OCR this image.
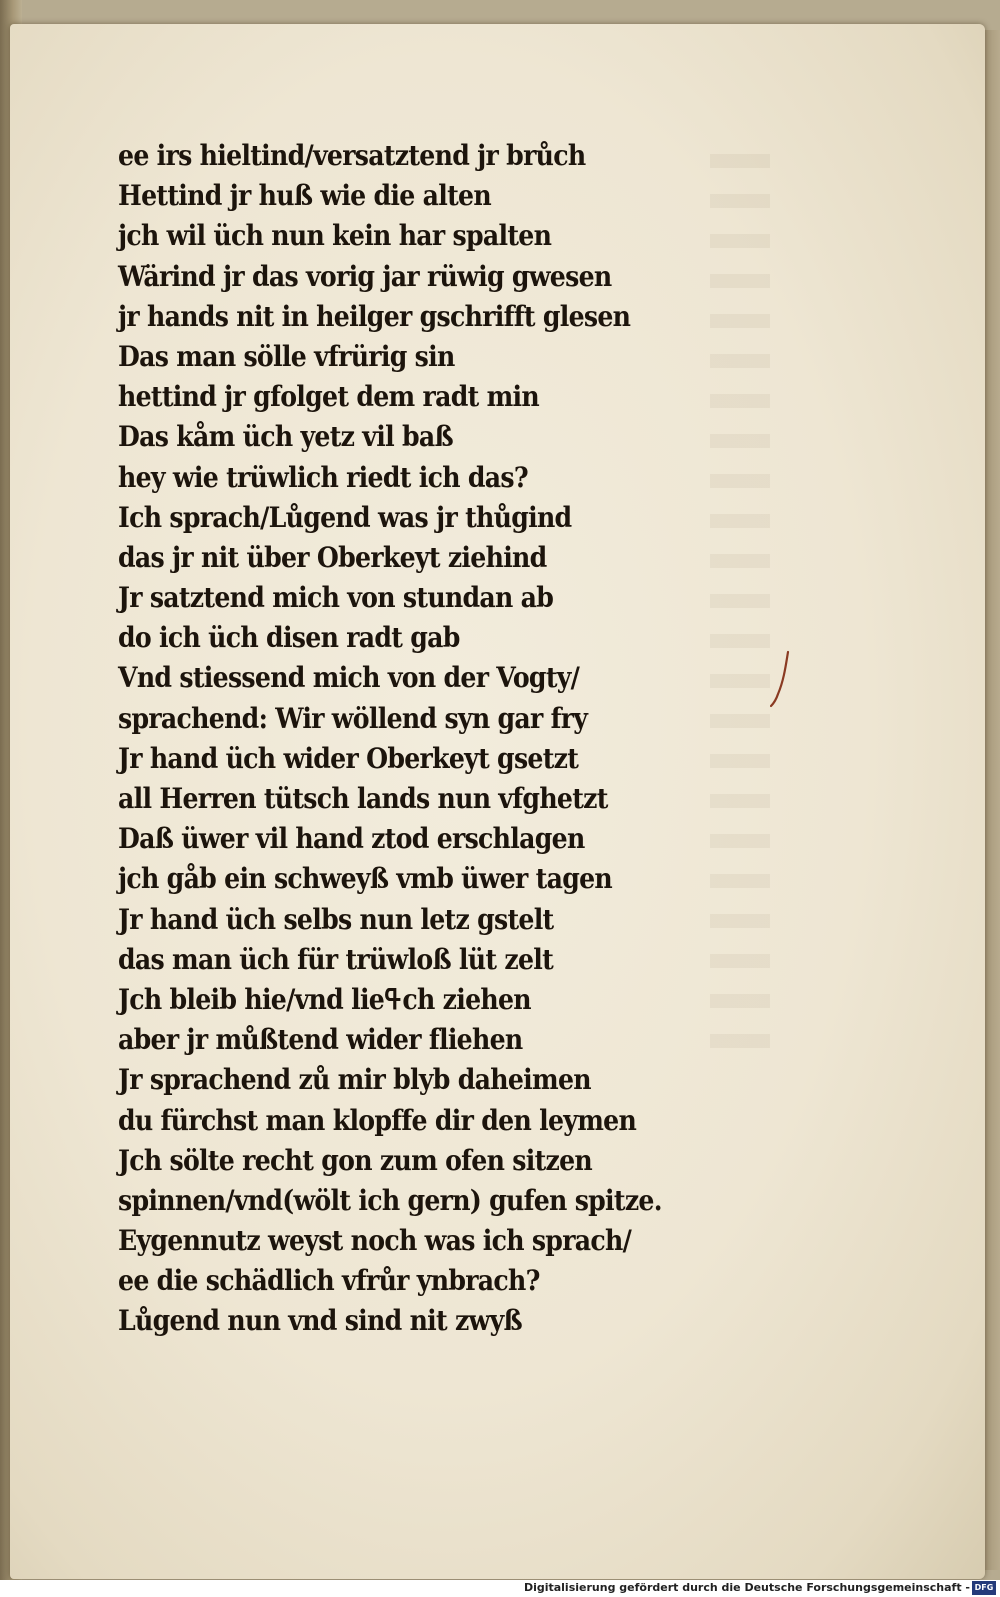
ee irs hieltind/versatztend jr brůch
Hettind jr huß wie die alten
jch wil üch nun kein har spalten
Wärind jr das vorig jar rüwig gwesen
jr hands nit in heilger gschrifft glesen
Das man sölle vfrürig sin
hettind jr gfolget dem radt min
Das kåm üch yetz vil baß
hey wie trüwlich riedt ich das?
Ich sprach/Lůgend was jr thůgind
das jr nit über Oberkeyt ziehind
Jr satztend mich von stundan ab
do ich üch disen radt gab
Vnd stiessend mich von der Vogty/
sprachend: Wir wöllend syn gar fry
Jr hand üch wider Oberkeyt gsetzt
all Herren tütsch lands nun vfghetzt
Daß üwer vil hand ztod erschlagen
jch gåb ein schweyß vmb üwer tagen
Jr hand üch selbs nun letz gstelt
das man üch für trüwloß lüt zelt
Jch bleib hie/vnd lieߟch ziehen
aber jr můßtend wider fliehen
Jr sprachend zů mir blyb daheimen
du fürchst man klopffe dir den leymen
Jch sölte recht gon zum ofen sitzen
spinnen/vnd(wölt ich gern) gufen spitze.
Eygennutz weyst noch was ich sprach/
ee die schädlich vfrůr ynbrach?
Lůgend nun vnd sind nit zwyß
Digitalisierung gefördert durch die Deutsche Forschungsgemeinschaft - DFG
